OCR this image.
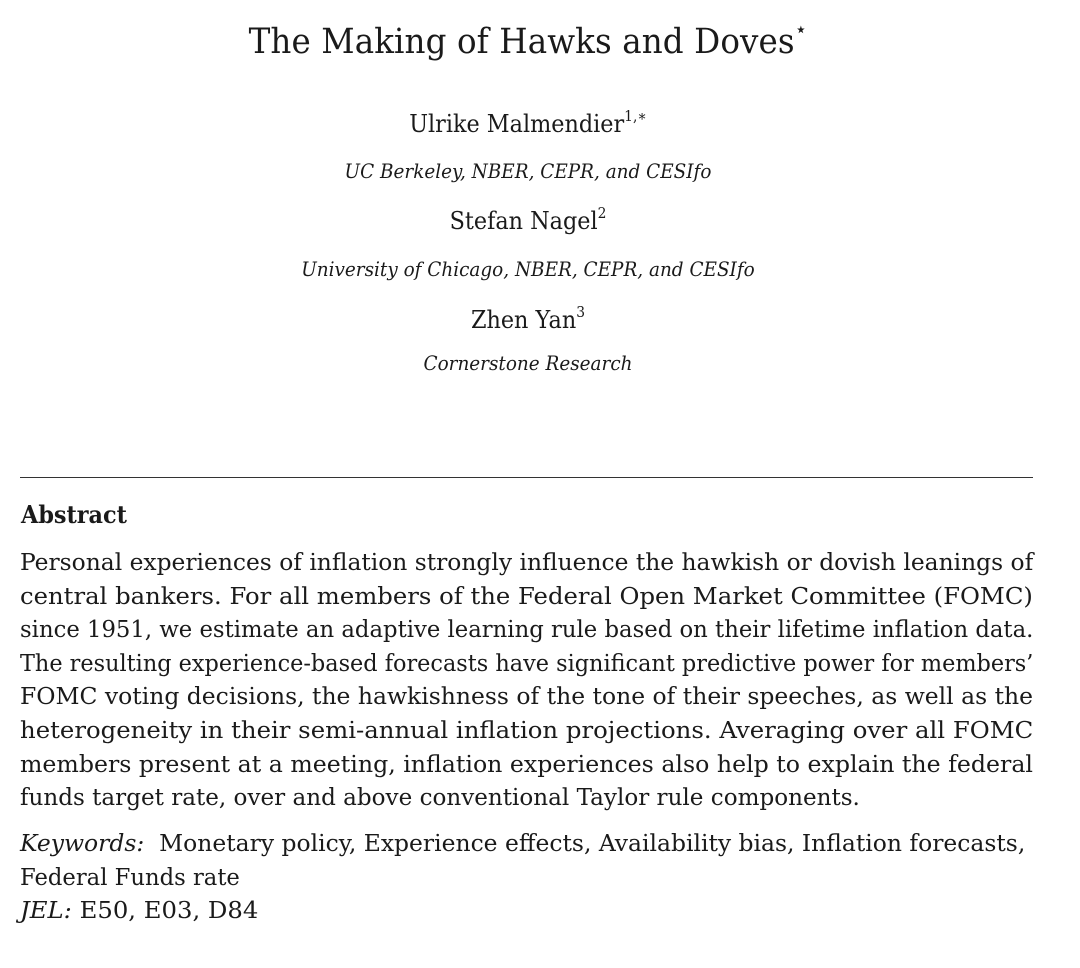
The Making of Hawks and Doves⋆
Ulrike Malmendier$^{1,∗}$
UC Berkeley, NBER, CEPR, and CESIfo
Stefan Nagel$^2$
University of Chicago, NBER, CEPR, and CESIfo
Zhen Yan$^3$
Cornerstone Research
Abstract
Personal experiences of inflation strongly influence the hawkish or dovish leanings of
central bankers. For all members of the Federal Open Market Committee (FOMC)
since 1951, we estimate an adaptive learning rule based on their lifetime inflation data.
The resulting experience-based forecasts have significant predictive power for members’
FOMC voting decisions, the hawkishness of the tone of their speeches, as well as the
heterogeneity in their semi-annual inflation projections. Averaging over all FOMC
members present at a meeting, inflation experiences also help to explain the federal
funds target rate, over and above conventional Taylor rule components.
Keywords: Monetary policy, Experience effects, Availability bias, Inflation forecasts,
Federal Funds rate
JEL: E50, E03, D84
